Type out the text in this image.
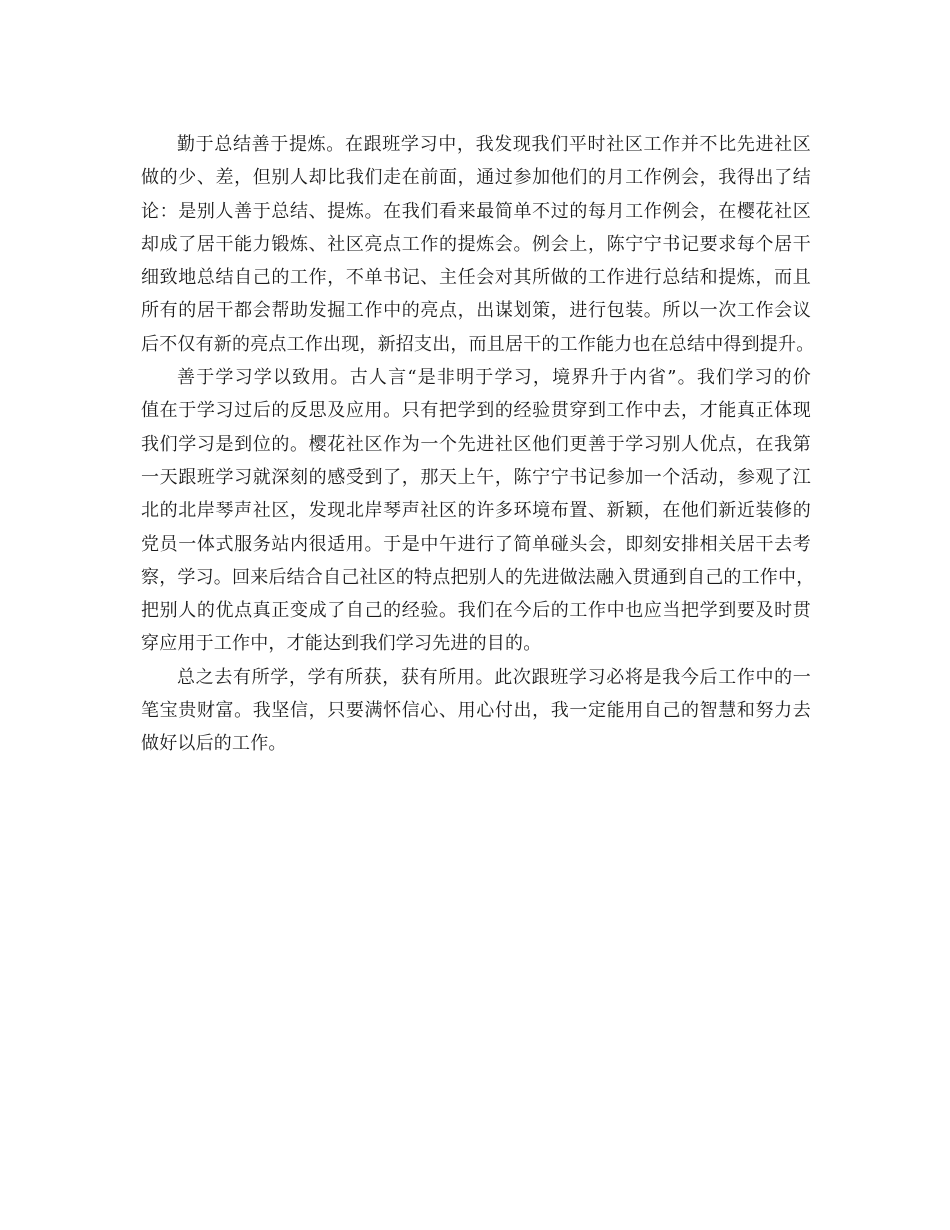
勤于总结善于提炼。在跟班学习中，我发现我们平时社区工作并不比先进社区
做的少、差，但别人却比我们走在前面，通过参加他们的月工作例会，我得出了结
论：是别人善于总结、提炼。在我们看来最简单不过的每月工作例会，在樱花社区
却成了居干能力锻炼、社区亮点工作的提炼会。例会上，陈宁宁书记要求每个居干
细致地总结自己的工作，不单书记、主任会对其所做的工作进行总结和提炼，而且
所有的居干都会帮助发掘工作中的亮点，出谋划策，进行包装。所以一次工作会议
后不仅有新的亮点工作出现，新招支出，而且居干的工作能力也在总结中得到提升。
善于学习学以致用。古人言“是非明于学习，境界升于内省”。我们学习的价
值在于学习过后的反思及应用。只有把学到的经验贯穿到工作中去，才能真正体现
我们学习是到位的。樱花社区作为一个先进社区他们更善于学习别人优点，在我第
一天跟班学习就深刻的感受到了，那天上午，陈宁宁书记参加一个活动，参观了江
北的北岸琴声社区，发现北岸琴声社区的许多环境布置、新颖，在他们新近装修的
党员一体式服务站内很适用。于是中午进行了简单碰头会，即刻安排相关居干去考
察，学习。回来后结合自己社区的特点把别人的先进做法融入贯通到自己的工作中，
把别人的优点真正变成了自己的经验。我们在今后的工作中也应当把学到要及时贯
穿应用于工作中，才能达到我们学习先进的目的。
总之去有所学，学有所获，获有所用。此次跟班学习必将是我今后工作中的一
笔宝贵财富。我坚信，只要满怀信心、用心付出，我一定能用自己的智慧和努力去
做好以后的工作。
